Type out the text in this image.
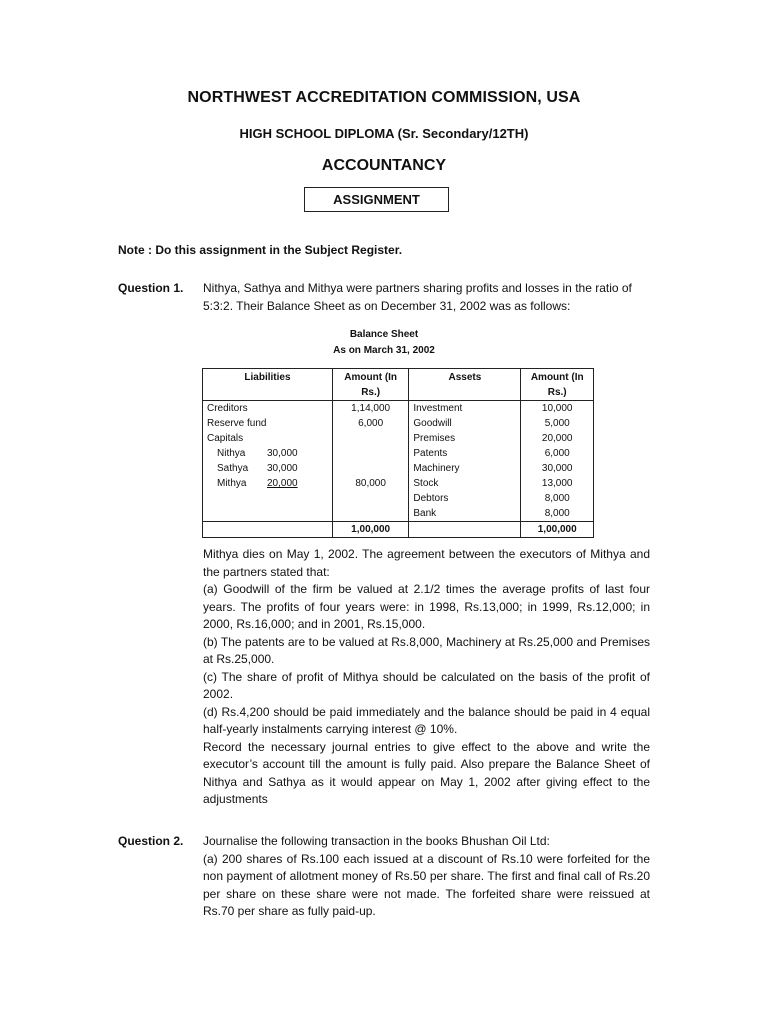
NORTHWEST ACCREDITATION COMMISSION, USA
HIGH SCHOOL DIPLOMA (Sr. Secondary/12TH)
ACCOUNTANCY
ASSIGNMENT
Note : Do this assignment in the Subject Register.
Question 1. Nithya, Sathya and Mithya were partners sharing profits and losses in the ratio of 5:3:2. Their Balance Sheet as on December 31, 2002 was as follows:
Balance Sheet
As on March 31, 2002
Liabilities	Amount (In Rs.)	Assets	Amount (In Rs.)
Creditors	1,14,000	Investment	10,000
Reserve fund	6,000	Goodwill	5,000
Capitals		Premises	20,000
Nithya 30,000		Patents	6,000
Sathya 30,000		Machinery	30,000
Mithya 20,000	80,000	Stock	13,000
		Debtors	8,000
		Bank	8,000
	1,00,000		1,00,000

Mithya dies on May 1, 2002. The agreement between the executors of Mithya and the partners stated that:

(a) Goodwill of the firm be valued at 2.1/2 times the average profits of last four years. The profits of four years were: in 1998, Rs.13,000; in 1999, Rs.12,000; in 2000, Rs.16,000; and in 2001, Rs.15,000.

(b) The patents are to be valued at Rs.8,000, Machinery at Rs.25,000 and Premises at Rs.25,000.

(c) The share of profit of Mithya should be calculated on the basis of the profit of 2002.

(d) Rs.4,200 should be paid immediately and the balance should be paid in 4 equal half-yearly instalments carrying interest @ 10%.

Record the necessary journal entries to give effect to the above and write the executor’s account till the amount is fully paid. Also prepare the Balance Sheet of Nithya and Sathya as it would appear on May 1, 2002 after giving effect to the adjustments

Question 2. Journalise the following transaction in the books Bhushan Oil Ltd:

(a) 200 shares of Rs.100 each issued at a discount of Rs.10 were forfeited for the non payment of allotment money of Rs.50 per share. The first and final call of Rs.20 per share on these share were not made. The forfeited share were reissued at Rs.70 per share as fully paid-up.
